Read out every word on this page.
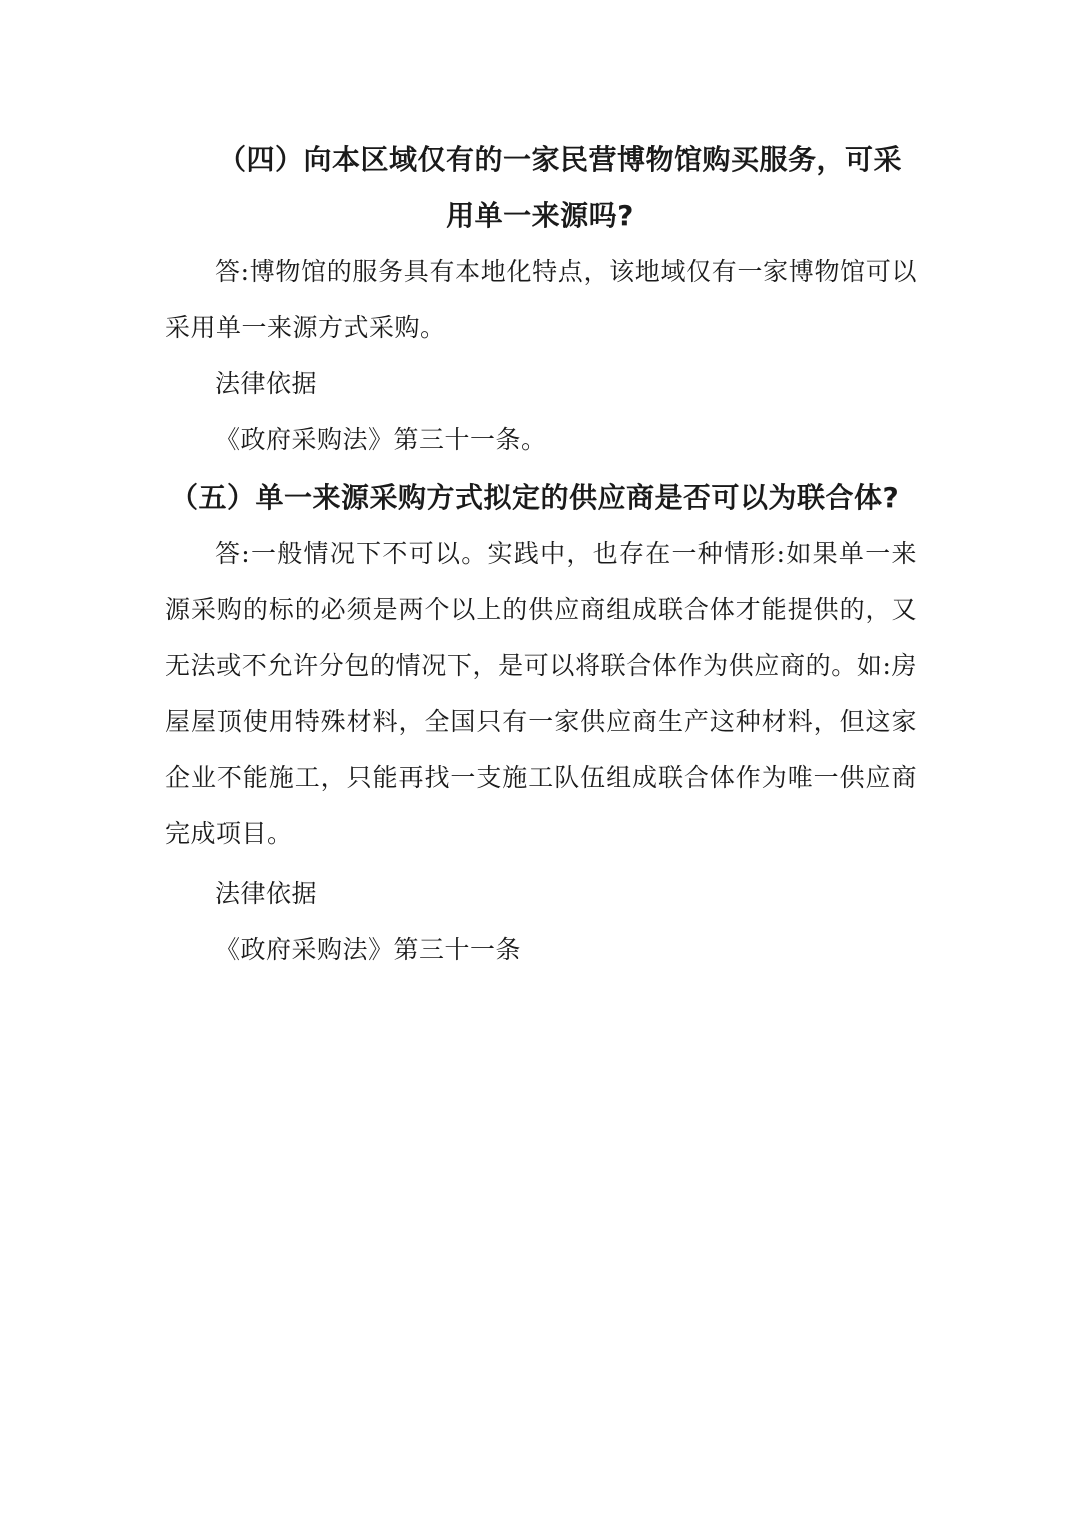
（四）向本区域仅有的一家民营博物馆购买服务，可采
用单一来源吗?

答:博物馆的服务具有本地化特点，该地域仅有一家博物馆可以采用单一来源方式采购。

法律依据

《政府采购法》第三十一条。

（五）单一来源采购方式拟定的供应商是否可以为联合体?

答:一般情况下不可以。实践中，也存在一种情形:如果单一来源采购的标的必须是两个以上的供应商组成联合体才能提供的，又无法或不允许分包的情况下，是可以将联合体作为供应商的。如:房屋屋顶使用特殊材料，全国只有一家供应商生产这种材料，但这家企业不能施工，只能再找一支施工队伍组成联合体作为唯一供应商完成项目。

法律依据

《政府采购法》第三十一条
